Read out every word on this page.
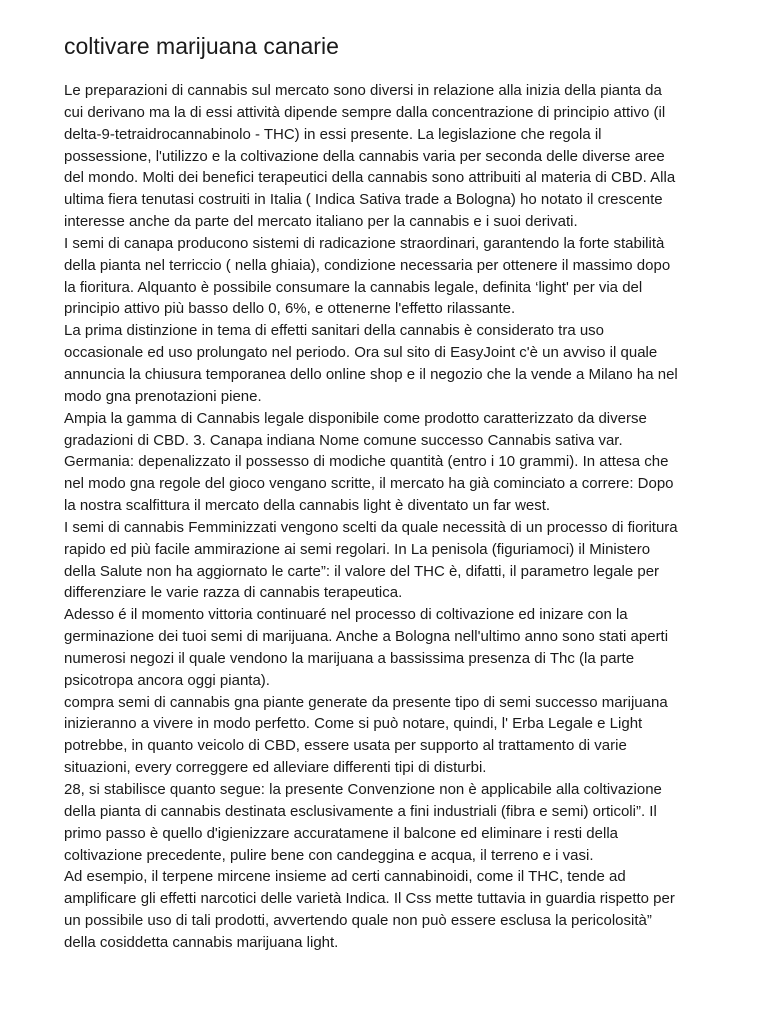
coltivare marijuana canarie
Le preparazioni di cannabis sul mercato sono diversi in relazione alla inizia della pianta da
cui derivano ma la di essi attività dipende sempre dalla concentrazione di principio attivo (il
delta-9-tetraidrocannabinolo - THC) in essi presente. La legislazione che regola il
possessione, l'utilizzo e la coltivazione della cannabis varia per seconda delle diverse aree
del mondo. Molti dei benefici terapeutici della cannabis sono attribuiti al materia di CBD. Alla
ultima fiera tenutasi costruiti in Italia ( Indica Sativa trade a Bologna) ho notato il crescente
interesse anche da parte del mercato italiano per la cannabis e i suoi derivati.
I semi di canapa producono sistemi di radicazione straordinari, garantendo la forte stabilità
della pianta nel terriccio ( nella ghiaia), condizione necessaria per ottenere il massimo dopo
la fioritura. Alquanto è possibile consumare la cannabis legale, definita ‘light' per via del
principio attivo più basso dello 0, 6%, e ottenerne l'effetto rilassante.
La prima distinzione in tema di effetti sanitari della cannabis è considerato tra uso
occasionale ed uso prolungato nel periodo. Ora sul sito di EasyJoint c'è un avviso il quale
annuncia la chiusura temporanea dello online shop e il negozio che la vende a Milano ha nel
modo gna prenotazioni piene.
Ampia la gamma di Cannabis legale disponibile come prodotto caratterizzato da diverse
gradazioni di CBD. 3. Canapa indiana Nome comune successo Cannabis sativa var.
Germania: depenalizzato il possesso di modiche quantità (entro i 10 grammi). In attesa che
nel modo gna regole del gioco vengano scritte, il mercato ha già cominciato a correre: Dopo
la nostra scalfittura il mercato della cannabis light è diventato un far west.
I semi di cannabis Femminizzati vengono scelti da quale necessità di un processo di fioritura
rapido ed più facile ammirazione ai semi regolari. In La penisola (figuriamoci) il Ministero
della Salute non ha aggiornato le carte”: il valore del THC è, difatti, il parametro legale per
differenziare le varie razza di cannabis terapeutica.
Adesso é il momento vittoria continuaré nel processo di coltivazione ed inizare con la
germinazione dei tuoi semi di marijuana. Anche a Bologna nell'ultimo anno sono stati aperti
numerosi negozi il quale vendono la marijuana a bassissima presenza di Thc (la parte
psicotropa ancora oggi pianta).
compra semi di cannabis gna piante generate da presente tipo di semi successo marijuana
inizieranno a vivere in modo perfetto. Come si può notare, quindi, l' Erba Legale e Light
potrebbe, in quanto veicolo di CBD, essere usata per supporto al trattamento di varie
situazioni, every correggere ed alleviare differenti tipi di disturbi.
28, si stabilisce quanto segue: la presente Convenzione non è applicabile alla coltivazione
della pianta di cannabis destinata esclusivamente a fini industriali (fibra e semi) orticoli”. Il
primo passo è quello d'igienizzare accuratamene il balcone ed eliminare i resti della
coltivazione precedente, pulire bene con candeggina e acqua, il terreno e i vasi.
Ad esempio, il terpene mircene insieme ad certi cannabinoidi, come il THC, tende ad
amplificare gli effetti narcotici delle varietà Indica. Il Css mette tuttavia in guardia rispetto per
un possibile uso di tali prodotti, avvertendo quale non può essere esclusa la pericolosità”
della cosiddetta cannabis marijuana light.
